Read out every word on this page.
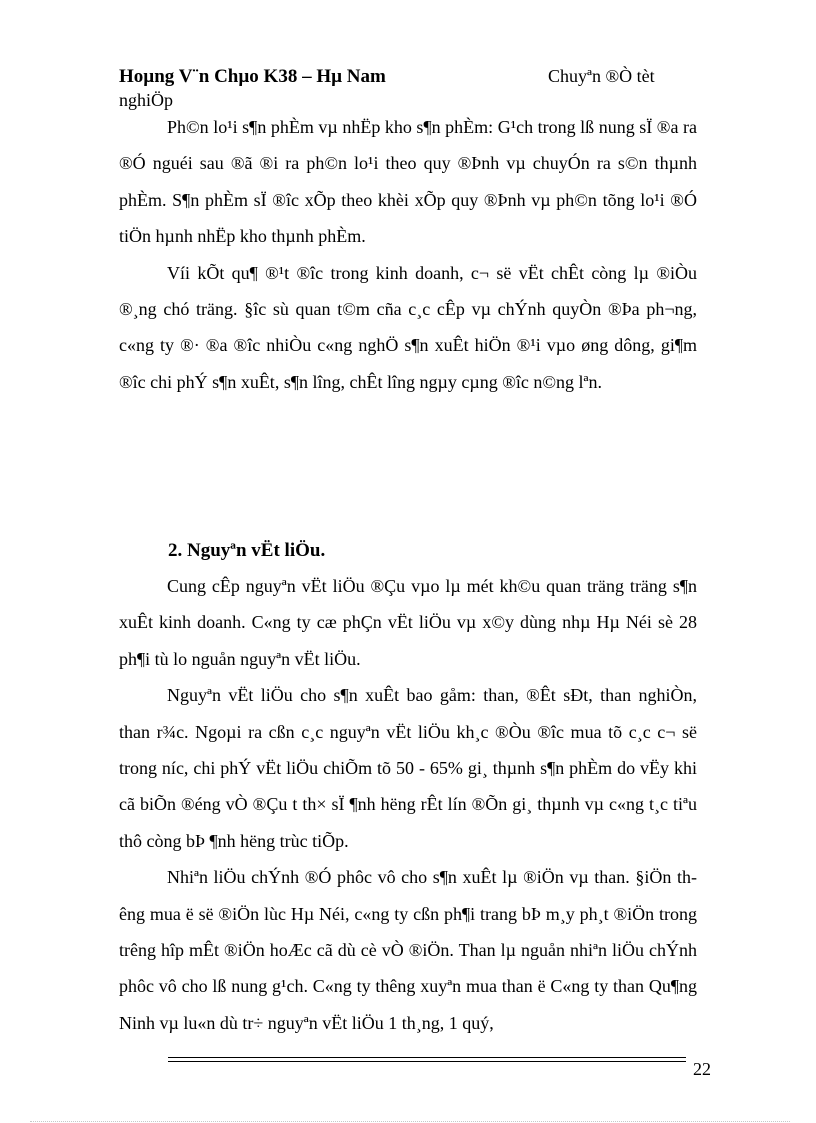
Hoµng V¨n Chµo K38 – Hµ Nam	Chuyªn ®Ò tèt
nghiÖp

Ph©n lo¹i s¶n phÈm vµ nhËp kho s¶n phÈm: G¹ch trong lß nung sÏ ®a ra ®Ó nguéi sau ®ã ®i ra ph©n lo¹i theo quy ®Þnh vµ chuyÓn ra s©n thµnh phÈm. S¶n phÈm sÏ ®îc xÕp theo khèi xÕp quy ®Þnh vµ ph©n tõng lo¹i ®Ó tiÖn hµnh nhËp kho thµnh phÈm.

Víi kÕt qu¶ ®¹t ®îc trong kinh doanh, c¬ së vËt chÊt còng lµ ®iÒu ®¸ng chó träng. §îc sù quan t©m cña c¸c cÊp vµ chÝnh quyÒn ®Þa ph¬ng, c«ng ty ®· ®a ®îc nhiÒu c«ng nghÖ s¶n xuÊt hiÖn ®¹i vµo øng dông, gi¶m ®îc chi phÝ s¶n xuÊt, s¶n lîng, chÊt lîng ngµy cµng ®îc n©ng lªn.

2. Nguyªn vËt liÖu.

Cung cÊp nguyªn vËt liÖu ®Çu vµo lµ mét kh©u quan träng träng s¶n xuÊt kinh doanh. C«ng ty cæ phÇn vËt liÖu vµ x©y dùng nhµ Hµ Néi sè 28 ph¶i tù lo nguån nguyªn vËt liÖu.

Nguyªn vËt liÖu cho s¶n xuÊt bao gåm: than, ®Êt sÐt, than nghiÒn, than r¾c. Ngoµi ra cßn c¸c nguyªn vËt liÖu kh¸c ®Òu ®îc mua tõ c¸c c¬ së trong níc, chi phÝ vËt liÖu chiÕm tõ 50 - 65% gi¸ thµnh s¶n phÈm do vËy khi cã biÕn ®éng vÒ ®Çu t th× sÏ ¶nh hëng rÊt lín ®Õn gi¸ thµnh vµ c«ng t¸c tiªu thô còng bÞ ¶nh hëng trùc tiÕp.

Nhiªn liÖu chÝnh ®Ó phôc vô cho s¶n xuÊt lµ ®iÖn vµ than. §iÖn thêng mua ë së ®iÖn lùc Hµ Néi, c«ng ty cßn ph¶i trang bÞ m¸y ph¸t ®iÖn trong trêng hîp mÊt ®iÖn hoÆc cã dù cè vÒ ®iÖn. Than lµ nguån nhiªn liÖu chÝnh phôc vô cho lß nung g¹ch. C«ng ty thêng xuyªn mua than ë C«ng ty than Qu¶ng Ninh vµ lu«n dù tr÷ nguyªn vËt liÖu 1 th¸ng, 1 quý,

22
